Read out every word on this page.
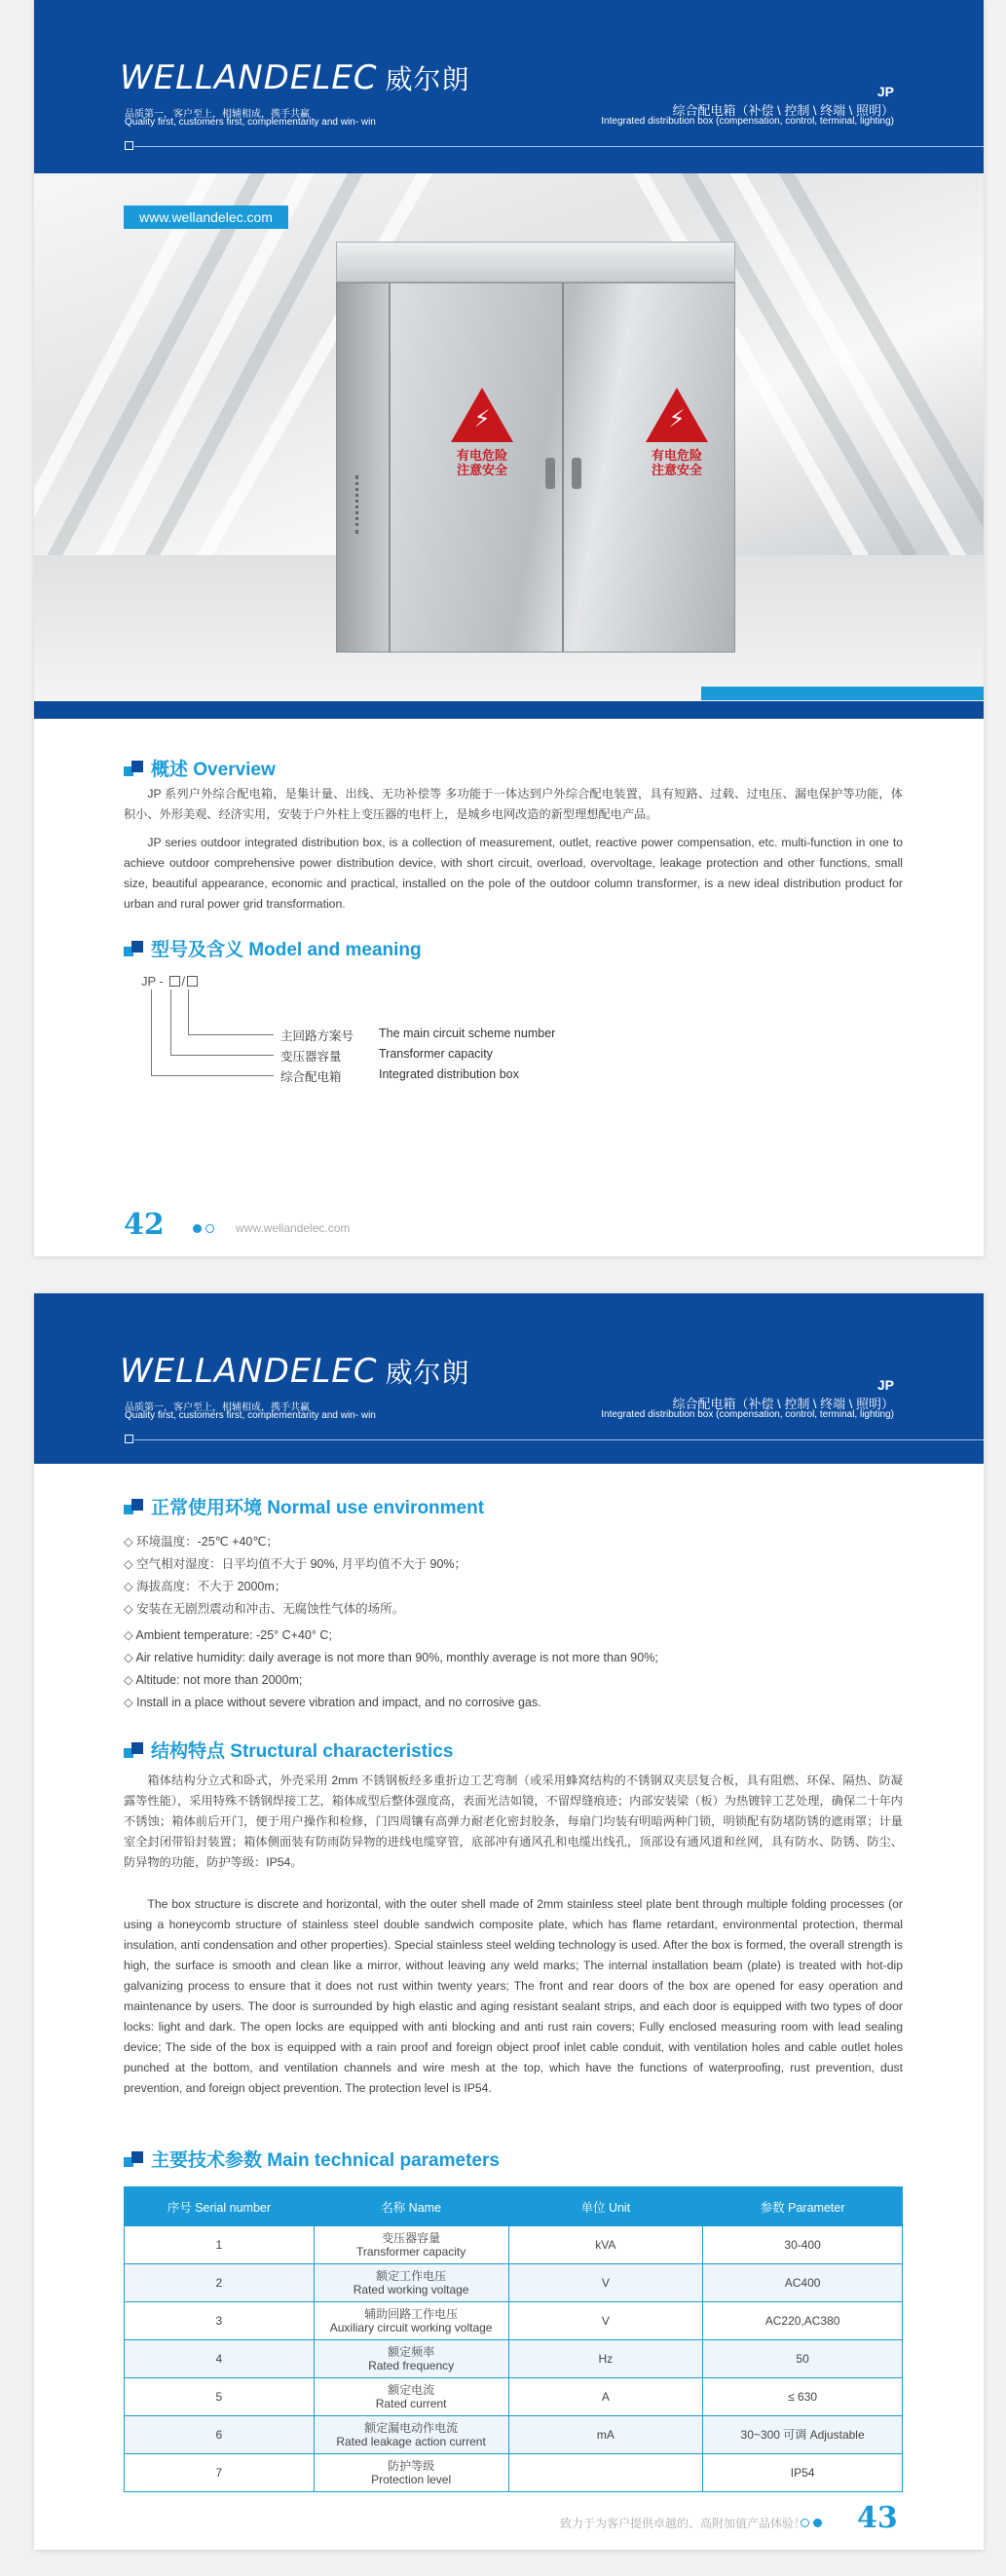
WELLANDELEC 威尔朗
品质第一，客户至上，相辅相成，携手共赢
Quality first, customers first, complementarity and win- win
JP
综合配电箱（补偿 \ 控制 \ 终端 \ 照明）
Integrated distribution box (compensation, control, terminal, lighting)
www.wellandelec.com
⚡
有电危险
注意安全
⚡
有电危险
注意安全
概述 Overview
JP 系列户外综合配电箱，是集计量、出线、无功补偿等 多功能于一体达到户外综合配电装置，具有短路、过载、过电压、漏电保护等功能，体积小、外形美观、经济实用，安装于户外柱上变压器的电杆上，是城乡电网改造的新型理想配电产品。
JP series outdoor integrated distribution box, is a collection of measurement, outlet, reactive power compensation, etc. multi-function in one to achieve outdoor comprehensive power distribution device, with short circuit, overload, overvoltage, leakage protection and other functions, small size, beautiful appearance, economic and practical, installed on the pole of the outdoor column transformer, is a new ideal distribution product for urban and rural power grid transformation.
型号及含义 Model and meaning
JP - /
主回路方案号 The main circuit scheme number
变压器容量	Transformer capacity
综合配电箱	Integrated distribution box
42	www.wellandelec.com
WELLANDELEC 威尔朗
品质第一，客户至上，相辅相成，携手共赢
Quality first, customers first, complementarity and win- win
JP
综合配电箱（补偿 \ 控制 \ 终端 \ 照明）
Integrated distribution box (compensation, control, terminal, lighting)
正常使用环境 Normal use environment
◇ 环境温度：-25℃ +40℃；
◇ 空气相对湿度：日平均值不大于 90%, 月平均值不大于 90%；
◇ 海拔高度：不大于 2000m；
◇ 安装在无剧烈震动和冲击、无腐蚀性气体的场所。
◇ Ambient temperature: -25° C+40° C;
◇ Air relative humidity: daily average is not more than 90%, monthly average is not more than 90%;
◇ Altitude: not more than 2000m;
◇ Install in a place without severe vibration and impact, and no corrosive gas.
结构特点 Structural characteristics
箱体结构分立式和卧式，外壳采用 2mm 不锈钢板经多重折边工艺弯制（或采用蜂窝结构的不锈钢双夹层复合板，具有阻燃、环保、隔热、防凝露等性能），采用特殊不锈钢焊接工艺，箱体成型后整体强度高，表面光洁如镜，不留焊缝痕迹；内部安装梁（板）为热镀锌工艺处理，确保二十年内不锈蚀；箱体前后开门，便于用户操作和检修，门四周镶有高弹力耐老化密封胶条，每扇门均装有明暗两种门锁，明锁配有防堵防锈的遮雨罩；计量室全封闭带铅封装置；箱体侧面装有防雨防异物的进线电缆穿管，底部冲有通风孔和电缆出线孔，顶部设有通风道和丝网，具有防水、防锈、防尘、防异物的功能，防护等级：IP54。
The box structure is discrete and horizontal, with the outer shell made of 2mm stainless steel plate bent through multiple folding processes (or using a honeycomb structure of stainless steel double sandwich composite plate, which has flame retardant, environmental protection, thermal insulation, anti condensation and other properties). Special stainless steel welding technology is used. After the box is formed, the overall strength is high, the surface is smooth and clean like a mirror, without leaving any weld marks; The internal installation beam (plate) is treated with hot-dip galvanizing process to ensure that it does not rust within twenty years; The front and rear doors of the box are opened for easy operation and maintenance by users. The door is surrounded by high elastic and aging resistant sealant strips, and each door is equipped with two types of door locks: light and dark. The open locks are equipped with anti blocking and anti rust rain covers; Fully enclosed measuring room with lead sealing device; The side of the box is equipped with a rain proof and foreign object proof inlet cable conduit, with ventilation holes and cable outlet holes punched at the bottom, and ventilation channels and wire mesh at the top, which have the functions of waterproofing, rust prevention, dust prevention, and foreign object prevention. The protection level is IP54.
主要技术参数 Main technical parameters
序号 Serial number	名称 Name	单位 Unit	参数 Parameter
1	变压器容量
Transformer capacity	kVA	30-400
2	额定工作电压
Rated working voltage	V	AC400
3	辅助回路工作电压
Auxiliary circuit working voltage	V	AC220,AC380
4	额定频率
Rated frequency	Hz	50
5	额定电流
Rated current	A	≤ 630
6	额定漏电动作电流
Rated leakage action current	mA	30~300 可调 Adjustable
7	防护等级
Protection level		IP54
致力于为客户提供卓越的、高附加值产品体验！ 43
